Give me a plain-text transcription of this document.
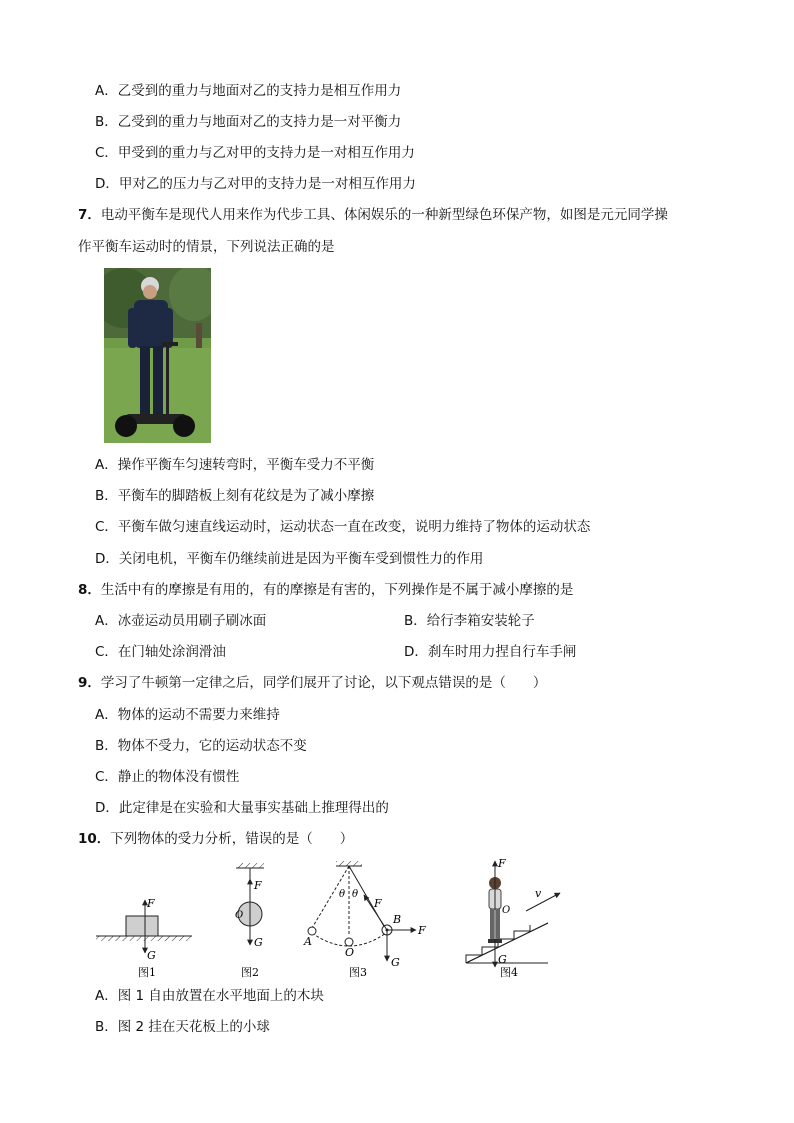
A．乙受到的重力与地面对乙的支持力是相互作用力
B．乙受到的重力与地面对乙的支持力是一对平衡力
C．甲受到的重力与乙对甲的支持力是一对相互作用力
D．甲对乙的压力与乙对甲的支持力是一对相互作用力
7．电动平衡车是现代人用来作为代步工具、体闲娱乐的一种新型绿色环保产物，如图是元元同学操
作平衡车运动时的情景，下列说法正确的是
A．操作平衡车匀速转弯时，平衡车受力不平衡
B．平衡车的脚踏板上刻有花纹是为了减小摩擦
C．平衡车做匀速直线运动时，运动状态一直在改变，说明力维持了物体的运动状态
D．关闭电机，平衡车仍继续前进是因为平衡车受到惯性力的作用
8．生活中有的摩擦是有用的，有的摩擦是有害的，下列操作是不属于减小摩擦的是
A．冰壶运动员用刷子刷冰面	B．给行李箱安装轮子
C．在门轴处涂润滑油	D．刹车时用力捏自行车手闸
9．学习了牛顿第一定律之后，同学们展开了讨论，以下观点错误的是（　　）
A．物体的运动不需要力来维持
B．物体不受力，它的运动状态不变
C．静止的物体没有惯性
D．此定律是在实验和大量事实基础上推理得出的
10．下列物体的受力分析，错误的是（　　）
F
G
图1
F
O
G
图2
θ θ
F
B
F
G
A
O
图3
v
F
O
G
图4
A．图 1 自由放置在水平地面上的木块
B．图 2 挂在天花板上的小球
